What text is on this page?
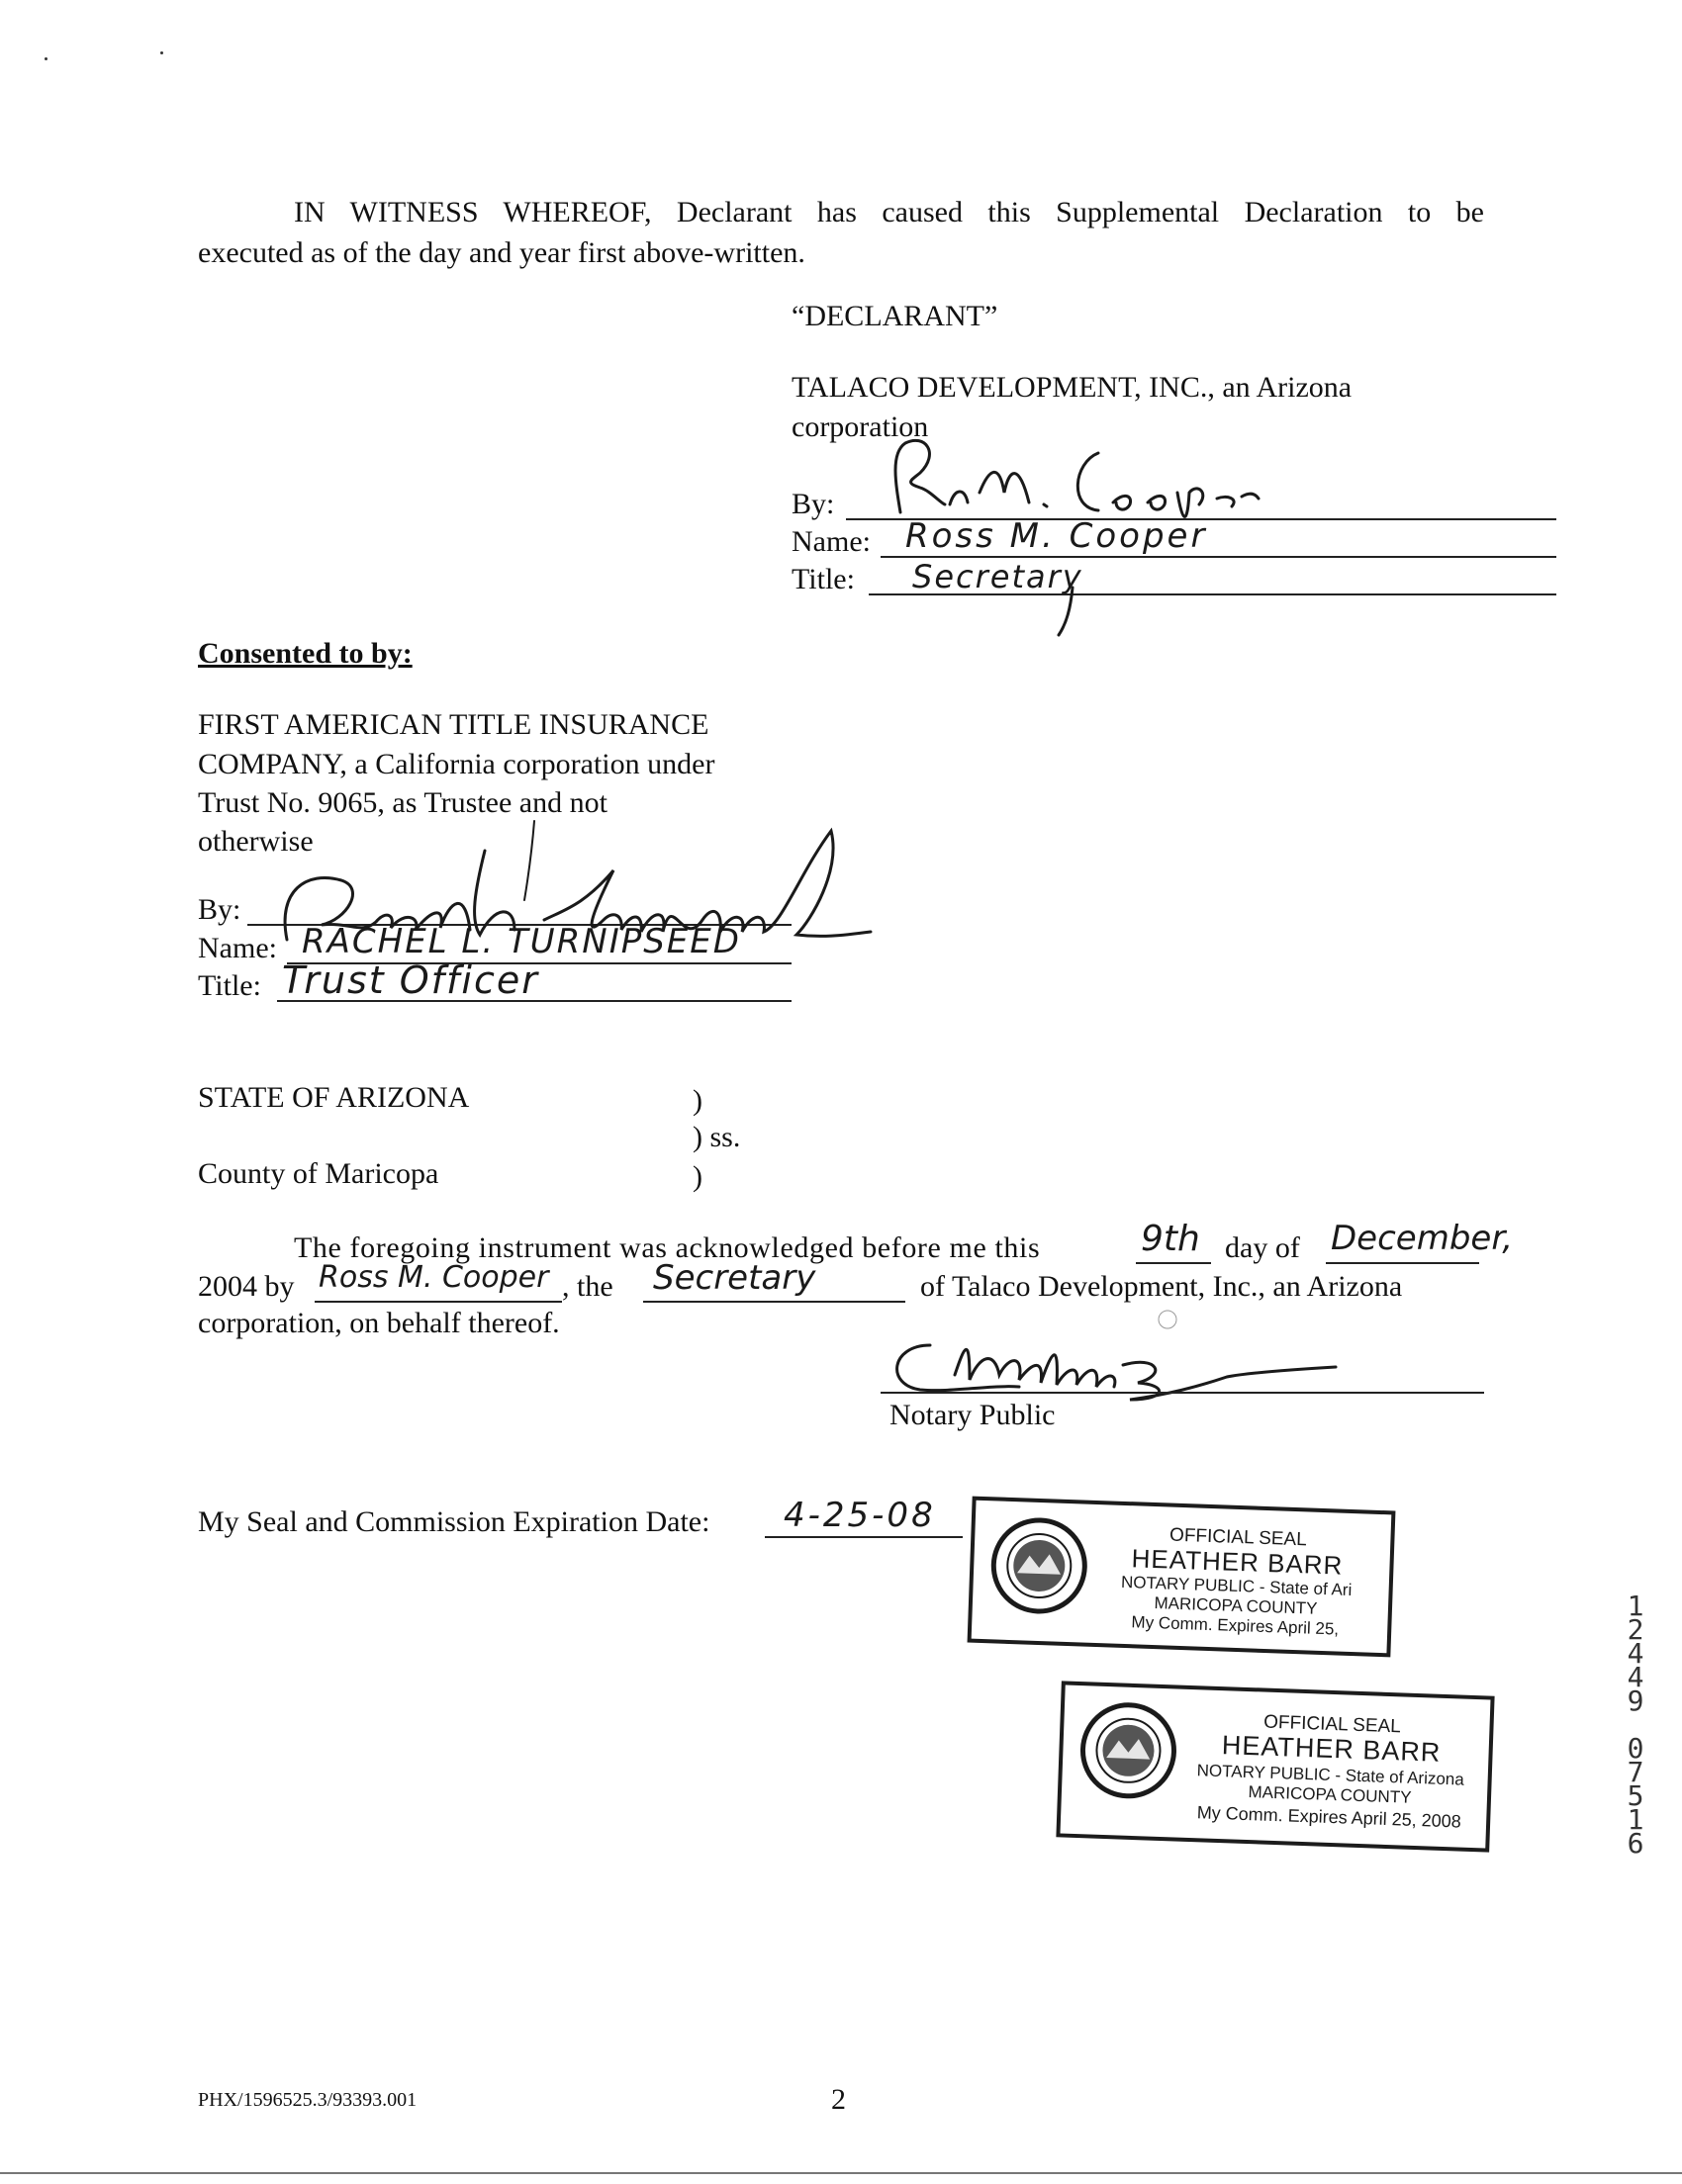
IN WITNESS WHEREOF, Declarant has caused this Supplemental Declaration to be
executed as of the day and year first above-written.
“DECLARANT”
TALACO DEVELOPMENT, INC., an Arizona
corporation
By:
Name: Ross M. Cooper
Title: Secretary
Consented to by:
FIRST AMERICAN TITLE INSURANCE
COMPANY, a California corporation under
Trust No. 9065, as Trustee and not
otherwise
By:
Name: RACHEL L. TURNIPSEED
Title: Trust Officer
STATE OF ARIZONA	)
) ss.
County of Maricopa	)
The foregoing instrument was acknowledged before me this	9th day of December,
2004 by Ross M. Cooper , the Secretary	of Talaco Development, Inc., an Arizona
corporation, on behalf thereof.
Notary Public
My Seal and Commission Expiration Date: 4-25-08
OFFICIAL SEAL
HEATHER BARR
NOTARY PUBLIC - State of Ari
MARICOPA COUNTY
My Comm. Expires April 25,
OFFICIAL SEAL
HEATHER BARR
NOTARY PUBLIC - State of Arizona
MARICOPA COUNTY
My Comm. Expires April 25, 2008
1
2
4
4
9
0
7
5
1
6
PHX/1596525.3/93393.001	2
